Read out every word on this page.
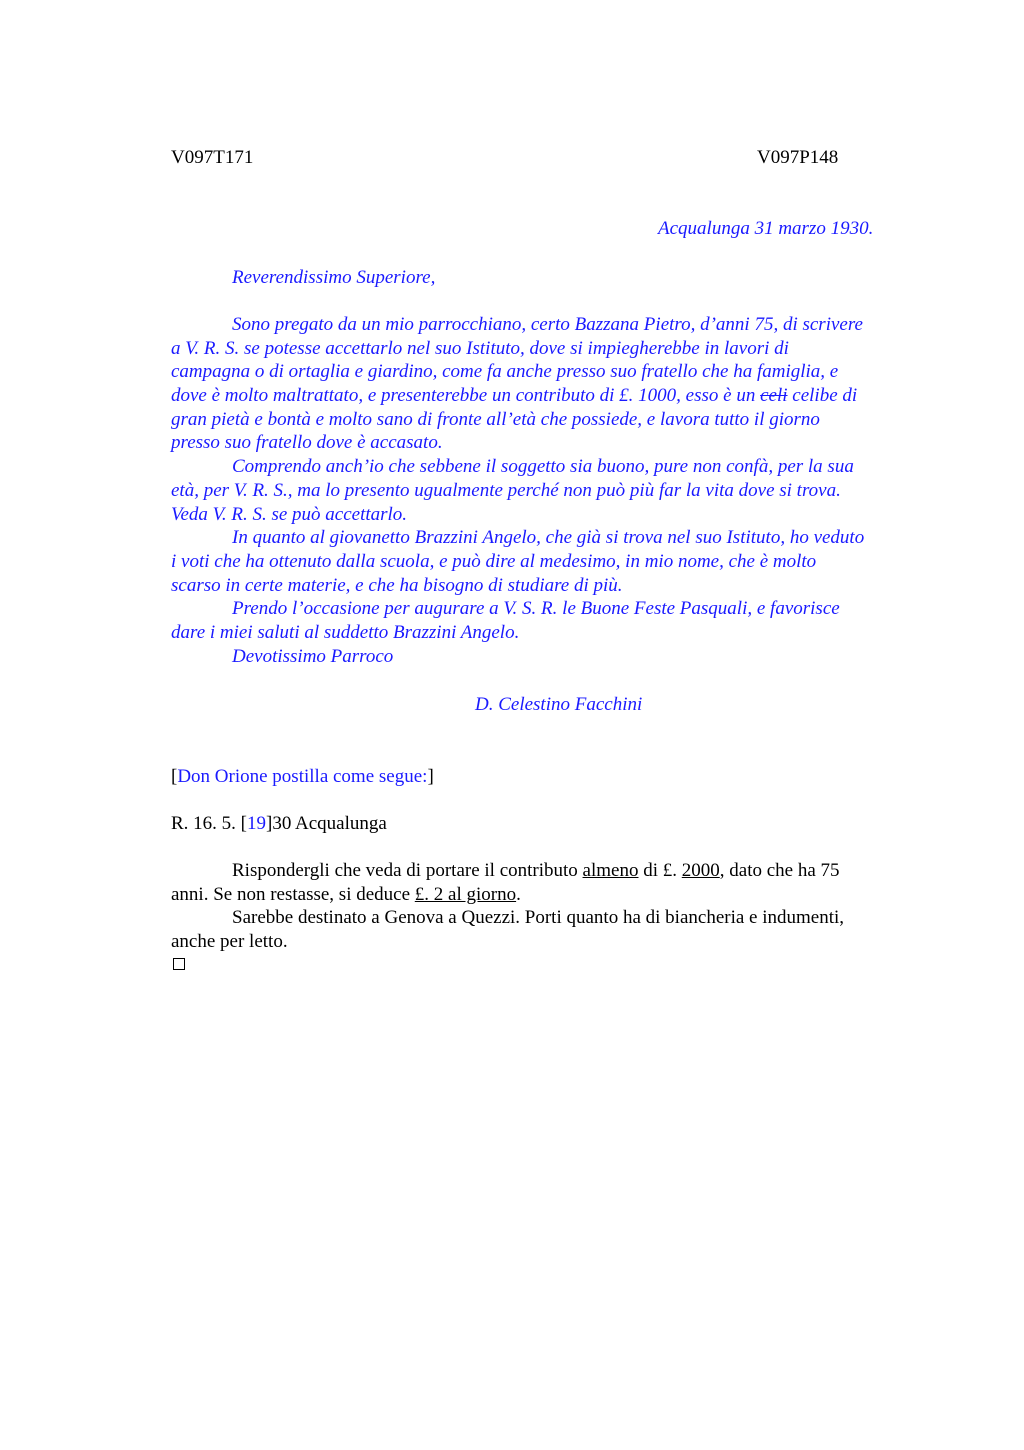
V097T171	V097P148
Acqualunga 31 marzo 1930.
Reverendissimo Superiore,
Sono pregato da un mio parrocchiano, certo Bazzana Pietro, d’anni 75, di scrivere
a V. R. S. se potesse accettarlo nel suo Istituto, dove si impiegherebbe in lavori di
campagna o di ortaglia e giardino, come fa anche presso suo fratello che ha famiglia, e
dove è molto maltrattato, e presenterebbe un contributo di £. 1000, esso è un celi celibe di
gran pietà e bontà e molto sano di fronte all’età che possiede, e lavora tutto il giorno
presso suo fratello dove è accasato.
Comprendo anch’io che sebbene il soggetto sia buono, pure non confà, per la sua
età, per V. R. S., ma lo presento ugualmente perché non può più far la vita dove si trova.
Veda V. R. S. se può accettarlo.
In quanto al giovanetto Brazzini Angelo, che già si trova nel suo Istituto, ho veduto
i voti che ha ottenuto dalla scuola, e può dire al medesimo, in mio nome, che è molto
scarso in certe materie, e che ha bisogno di studiare di più.
Prendo l’occasione per augurare a V. S. R. le Buone Feste Pasquali, e favorisce
dare i miei saluti al suddetto Brazzini Angelo.
Devotissimo Parroco
D. Celestino Facchini
[Don Orione postilla come segue:]
R. 16. 5. [19]30 Acqualunga
Rispondergli che veda di portare il contributo almeno di £. 2000, dato che ha 75
anni. Se non restasse, si deduce £. 2 al giorno.
Sarebbe destinato a Genova a Quezzi. Porti quanto ha di biancheria e indumenti,
anche per letto.
